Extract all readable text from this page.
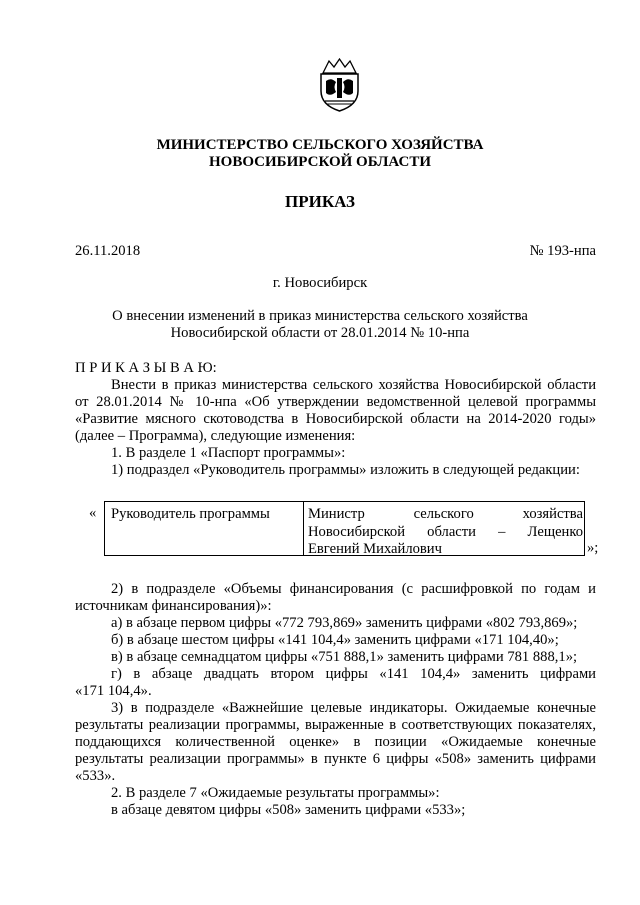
МИНИСТЕРСТВО СЕЛЬСКОГО ХОЗЯЙСТВА
НОВОСИБИРСКОЙ ОБЛАСТИ
ПРИКАЗ
26.11.2018	№ 193-нпа
г. Новосибирск
О внесении изменений в приказ министерства сельского хозяйства
Новосибирской области от 28.01.2014 № 10-нпа
П Р И К А З Ы В А Ю:
Внести в приказ министерства сельского хозяйства Новосибирской области
от 28.01.2014 № 10-нпа «Об утверждении ведомственной целевой программы
«Развитие мясного скотоводства в Новосибирской области на 2014-2020 годы»
(далее – Программа), следующие изменения:
1. В разделе 1 «Паспорт программы»:
1) подраздел «Руководитель программы» изложить в следующей редакции:
«	Руководитель программы	Министр сельского хозяйства
Новосибирской области – Лещенко
Евгений Михайлович	»;
2) в подразделе «Объемы финансирования (с расшифровкой по годам и
источникам финансирования)»:
а) в абзаце первом цифры «772 793,869» заменить цифрами «802 793,869»;
б) в абзаце шестом цифры «141 104,4» заменить цифрами «171 104,40»;
в) в абзаце семнадцатом цифры «751 888,1» заменить цифрами 781 888,1»;
г) в абзаце двадцать втором цифры «141 104,4» заменить цифрами
«171 104,4».
3) в подразделе «Важнейшие целевые индикаторы. Ожидаемые конечные
результаты реализации программы, выраженные в соответствующих показателях,
поддающихся количественной оценке» в позиции «Ожидаемые конечные
результаты реализации программы» в пункте 6 цифры «508» заменить цифрами
«533».
2. В разделе 7 «Ожидаемые результаты программы»:
в абзаце девятом цифры «508» заменить цифрами «533»;
